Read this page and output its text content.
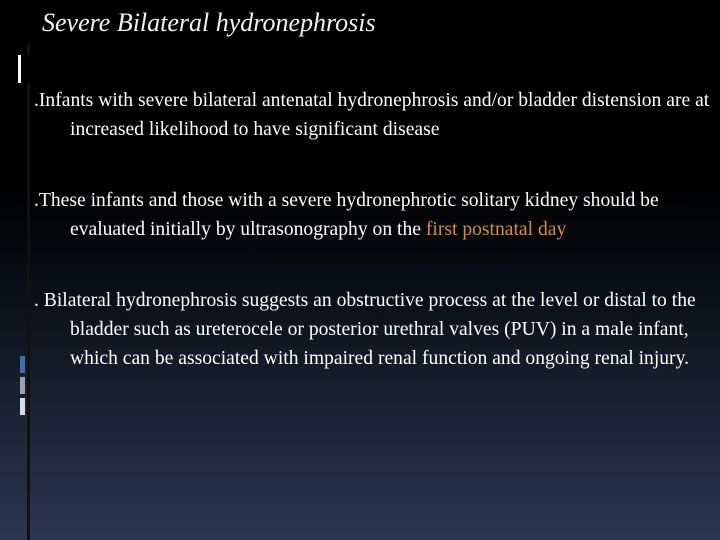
Severe Bilateral hydronephrosis

.Infants with severe bilateral antenatal hydronephrosis and/or bladder distension are at increased likelihood to have significant disease

.These infants and those with a severe hydronephrotic solitary kidney should be evaluated initially by ultrasonography on the first postnatal day

. Bilateral hydronephrosis suggests an obstructive process at the level or distal to the bladder such as ureterocele or posterior urethral valves (PUV) in a male infant, which can be associated with impaired renal function and ongoing renal injury.
